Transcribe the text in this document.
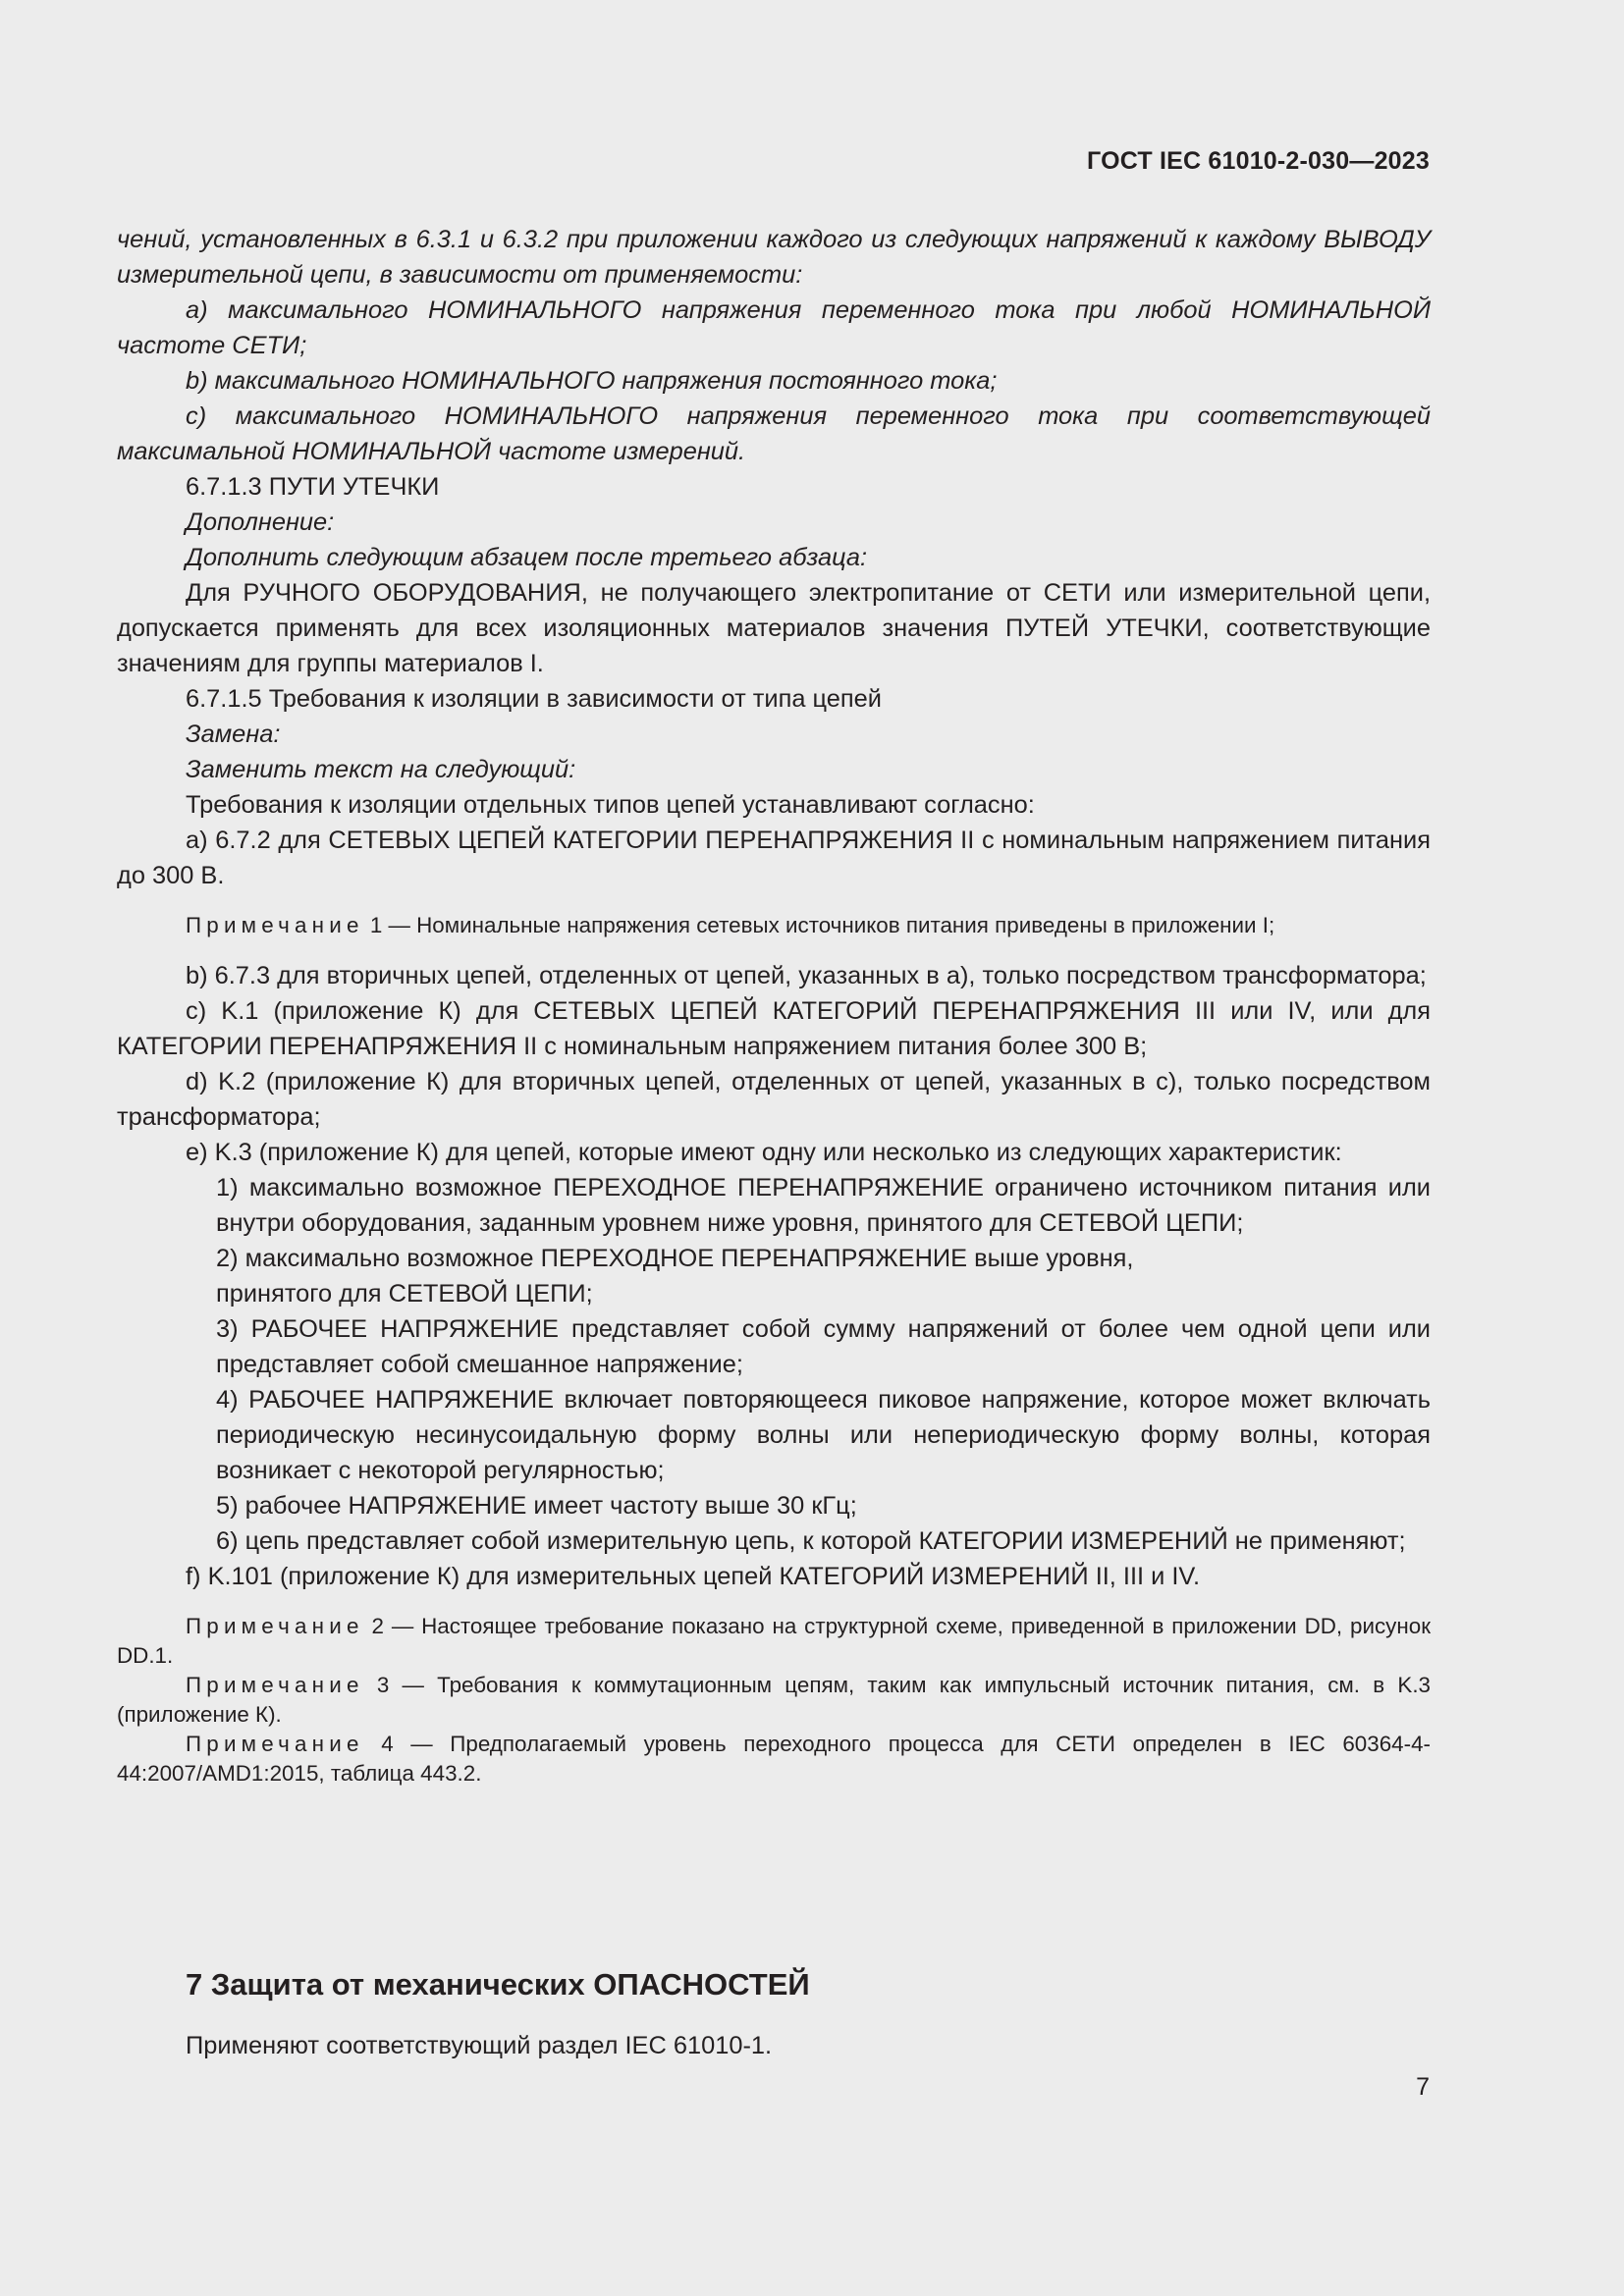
ГОСТ IEC 61010-2-030—2023

чений, установленных в 6.3.1 и 6.3.2 при приложении каждого из следующих напряжений к каждому ВЫВОДУ измерительной цепи, в зависимости от применяемости:

a) максимального НОМИНАЛЬНОГО напряжения переменного тока при любой НОМИНАЛЬНОЙ частоте СЕТИ;

b) максимального НОМИНАЛЬНОГО напряжения постоянного тока;

c) максимального НОМИНАЛЬНОГО напряжения переменного тока при соответствующей максимальной НОМИНАЛЬНОЙ частоте измерений.

6.7.1.3 ПУТИ УТЕЧКИ

Дополнение:

Дополнить следующим абзацем после третьего абзаца:

Для РУЧНОГО ОБОРУДОВАНИЯ, не получающего электропитание от СЕТИ или измерительной цепи, допускается применять для всех изоляционных материалов значения ПУТЕЙ УТЕЧКИ, соответствующие значениям для группы материалов I.

6.7.1.5 Требования к изоляции в зависимости от типа цепей

Замена:

Заменить текст на следующий:

Требования к изоляции отдельных типов цепей устанавливают согласно:

a) 6.7.2 для СЕТЕВЫХ ЦЕПЕЙ КАТЕГОРИИ ПЕРЕНАПРЯЖЕНИЯ II с номинальным напряжением питания до 300 В.

Примечание 1 — Номинальные напряжения сетевых источников питания приведены в приложении I;

b) 6.7.3 для вторичных цепей, отделенных от цепей, указанных в a), только посредством трансформатора;

c) K.1 (приложение К) для СЕТЕВЫХ ЦЕПЕЙ КАТЕГОРИЙ ПЕРЕНАПРЯЖЕНИЯ III или IV, или для КАТЕГОРИИ ПЕРЕНАПРЯЖЕНИЯ II с номинальным напряжением питания более 300 В;

d) K.2 (приложение К) для вторичных цепей, отделенных от цепей, указанных в c), только посредством трансформатора;

e) K.3 (приложение К) для цепей, которые имеют одну или несколько из следующих характеристик:

1) максимально возможное ПЕРЕХОДНОЕ ПЕРЕНАПРЯЖЕНИЕ ограничено источником питания или внутри оборудования, заданным уровнем ниже уровня, принятого для СЕТЕВОЙ ЦЕПИ;

2) максимально возможное ПЕРЕХОДНОЕ ПЕРЕНАПРЯЖЕНИЕ выше уровня,

принятого для СЕТЕВОЙ ЦЕПИ;

3) РАБОЧЕЕ НАПРЯЖЕНИЕ представляет собой сумму напряжений от более чем одной цепи или представляет собой смешанное напряжение;

4) РАБОЧЕЕ НАПРЯЖЕНИЕ включает повторяющееся пиковое напряжение, которое может включать периодическую несинусоидальную форму волны или непериодическую форму волны, которая возникает с некоторой регулярностью;

5) рабочее НАПРЯЖЕНИЕ имеет частоту выше 30 кГц;

6) цепь представляет собой измерительную цепь, к которой КАТЕГОРИИ ИЗМЕРЕНИЙ не применяют;

f) K.101 (приложение К) для измерительных цепей КАТЕГОРИЙ ИЗМЕРЕНИЙ II, III и IV.

Примечание 2 — Настоящее требование показано на структурной схеме, приведенной в приложении DD, рисунок DD.1.

Примечание 3 — Требования к коммутационным цепям, таким как импульсный источник питания, см. в K.3 (приложение К).

Примечание 4 — Предполагаемый уровень переходного процесса для СЕТИ определен в IEC 60364-4-44:2007/AMD1:2015, таблица 443.2.

7 Защита от механических ОПАСНОСТЕЙ
Применяют соответствующий раздел IEC 61010-1.
7
